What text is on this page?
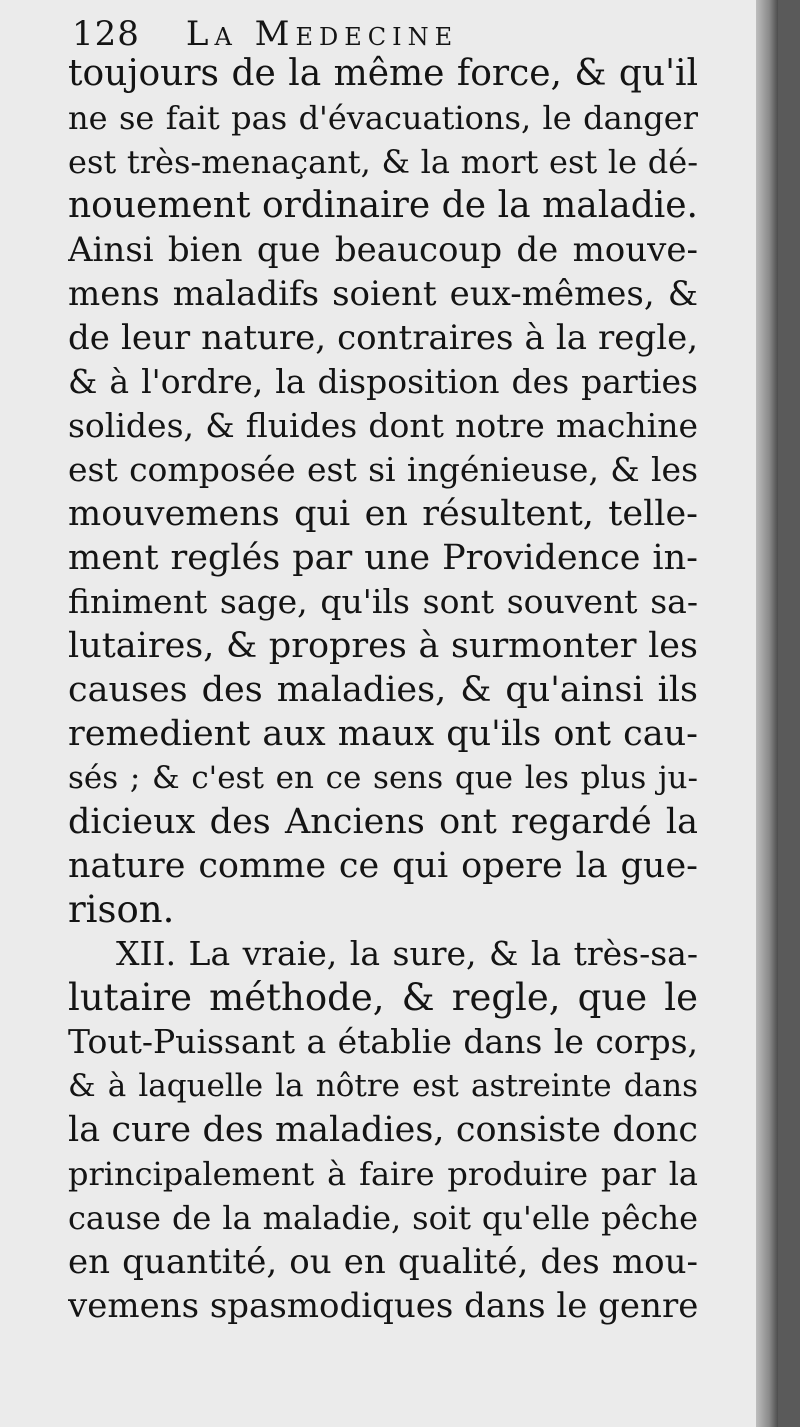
128 La Medecine
toujours de la même force, & qu'il
ne se fait pas d'évacuations, le danger
est très-menaçant, & la mort est le dé-
nouement ordinaire de la maladie.
Ainsi bien que beaucoup de mouve-
mens maladifs soient eux-mêmes, &
de leur nature, contraires à la regle,
& à l'ordre, la disposition des parties
solides, & fluides dont notre machine
est composée est si ingénieuse, & les
mouvemens qui en résultent, telle-
ment reglés par une Providence in-
finiment sage, qu'ils sont souvent sa-
lutaires, & propres à surmonter les
causes des maladies, & qu'ainsi ils
remedient aux maux qu'ils ont cau-
sés ; & c'est en ce sens que les plus ju-
dicieux des Anciens ont regardé la
nature comme ce qui opere la gue-
rison.
XII. La vraie, la sure, & la très-sa-
lutaire méthode, & regle, que le
Tout-Puissant a établie dans le corps,
& à laquelle la nôtre est astreinte dans
la cure des maladies, consiste donc
principalement à faire produire par la
cause de la maladie, soit qu'elle pêche
en quantité, ou en qualité, des mou-
vemens spasmodiques dans le genre
